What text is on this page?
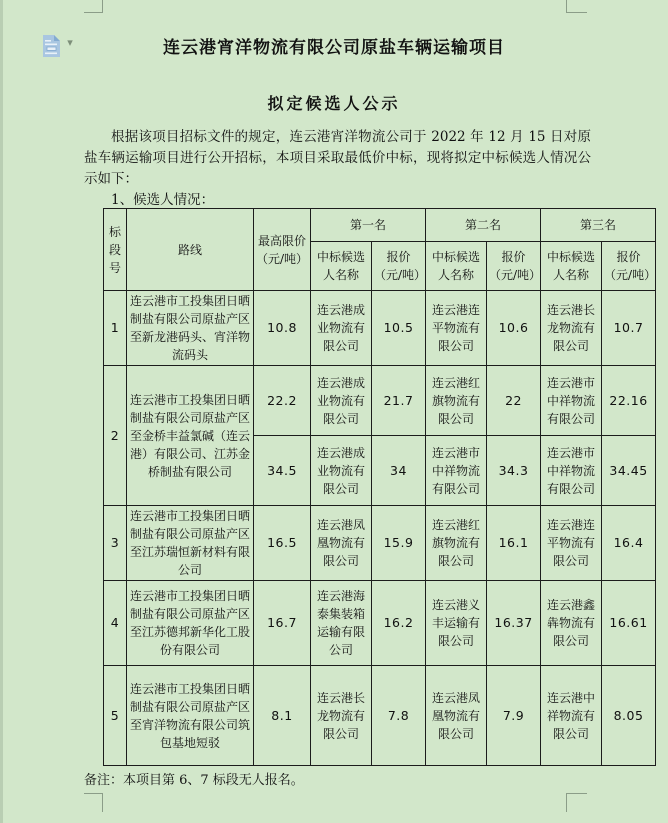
▾	连云港宵洋物流有限公司原盐车辆运输项目
拟定候选人公示

根据该项目招标文件的规定，连云港宵洋物流公司于 2022 年 12 月 15 日对原盐车辆运输项目进行公开招标，本项目采取最低价中标，现将拟定中标候选人情况公示如下：

1、候选人情况：

标段号	路线	最高限价（元/吨）	第一名		第二名		第三名	
			中标候选人名称	报价（元/吨）	中标候选人名称	报价（元/吨）	中标候选人名称	报价（元/吨）
1	连云港市工投集团日晒制盐有限公司原盐产区至新龙港码头、宵洋物流码头	10.8	连云港成业物流有限公司	10.5	连云港连平物流有限公司	10.6	连云港长龙物流有限公司	10.7
2	连云港市工投集团日晒制盐有限公司原盐产区至金桥丰益氯碱（连云港）有限公司、江苏金桥制盐有限公司	22.2	连云港成业物流有限公司	21.7	连云港红旗物流有限公司	22	连云港市中祥物流有限公司	22.16
		34.5	连云港成业物流有限公司	34	连云港市中祥物流有限公司	34.3	连云港市中祥物流有限公司	34.45
3	连云港市工投集团日晒制盐有限公司原盐产区至江苏瑞恒新材料有限公司	16.5	连云港凤凰物流有限公司	15.9	连云港红旗物流有限公司	16.1	连云港连平物流有限公司	16.4
4	连云港市工投集团日晒制盐有限公司原盐产区至江苏德邦新华化工股份有限公司	16.7	连云港海泰集装箱运输有限公司	16.2	连云港义丰运输有限公司	16.37	连云港鑫犇物流有限公司	16.61
5	连云港市工投集团日晒制盐有限公司原盐产区至宵洋物流有限公司筑包基地短驳	8.1	连云港长龙物流有限公司	7.8	连云港凤凰物流有限公司	7.9	连云港中祥物流有限公司	8.05
备注：本项目第 6、7 标段无人报名。
